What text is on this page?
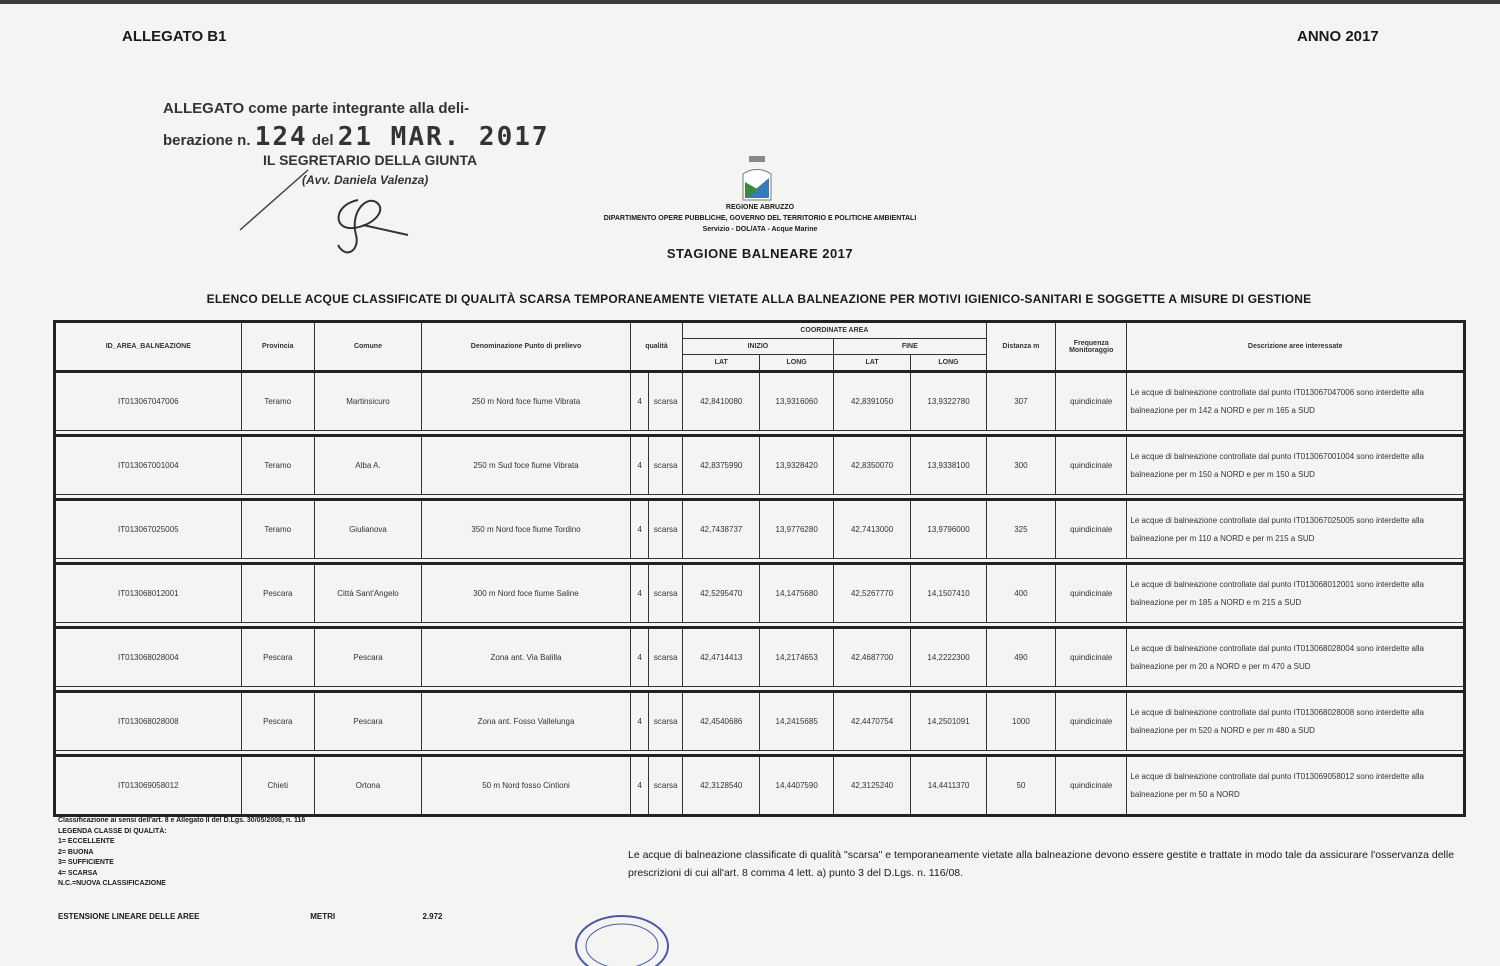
ALLEGATO B1	ANNO 2017
ALLEGATO come parte integrante alla deli-
berazione n. 124 del 21 MAR. 2017
IL SEGRETARIO DELLA GIUNTA
(Avv. Daniela Valenza)
REGIONE ABRUZZO
DIPARTIMENTO OPERE PUBBLICHE, GOVERNO DEL TERRITORIO E POLITICHE AMBIENTALI
Servizio - DOL/ATA - Acque Marine
STAGIONE BALNEARE 2017
ELENCO DELLE ACQUE CLASSIFICATE DI QUALITÀ SCARSA TEMPORANEAMENTE VIETATE ALLA BALNEAZIONE PER MOTIVI IGIENICO-SANITARI E SOGGETTE A MISURE DI GESTIONE
ID_AREA_BALNEAZIONE	Provincia	Comune	Denominazione Punto di prelievo	qualità		COORDINATE AREA				Distanza m	Frequenza Monitoraggio	Descrizione aree interessate
						INIZIO		FINE				
						LAT	LONG	LAT	LONG			
IT013067047006	Teramo	Martinsicuro	250 m Nord foce fiume Vibrata	4	scarsa	42,8410080	13,9316060	42,8391050	13,9322780	307	quindicinale	Le acque di balneazione controllate dal punto IT013067047006 sono interdette alla balneazione per m 142 a NORD e per m 165 a SUD

IT013067001004	Teramo	Alba A.	250 m Sud foce fiume Vibrata	4	scarsa	42,8375990	13,9328420	42,8350070	13,9338100	300	quindicinale	Le acque di balneazione controllate dal punto IT013067001004 sono interdette alla balneazione per m 150 a NORD e per m 150 a SUD

IT013067025005	Teramo	Giulianova	350 m Nord foce fiume Tordino	4	scarsa	42,7438737	13,9776280	42,7413000	13,9796000	325	quindicinale	Le acque di balneazione controllate dal punto IT013067025005 sono interdette alla balneazione per m 110 a NORD e per m 215 a SUD

IT013068012001	Pescara	Città Sant'Angelo	300 m Nord foce fiume Saline	4	scarsa	42,5295470	14,1475680	42,5267770	14,1507410	400	quindicinale	Le acque di balneazione controllate dal punto IT013068012001 sono interdette alla balneazione per m 185 a NORD e m 215 a SUD

IT013068028004	Pescara	Pescara	Zona ant. Via Balilla	4	scarsa	42,4714413	14,2174653	42,4687700	14,2222300	490	quindicinale	Le acque di balneazione controllate dal punto IT013068028004 sono interdette alla balneazione per m 20 a NORD e per m 470 a SUD

IT013068028008	Pescara	Pescara	Zona ant. Fosso Vallelunga	4	scarsa	42,4540686	14,2415685	42,4470754	14,2501091	1000	quindicinale	Le acque di balneazione controllate dal punto IT013068028008 sono interdette alla balneazione per m 520 a NORD e per m 480 a SUD

IT013069058012	Chieti	Ortona	50 m Nord fosso Cintioni	4	scarsa	42,3128540	14,4407590	42,3125240	14,4411370	50	quindicinale	Le acque di balneazione controllate dal punto IT013069058012 sono interdette alla balneazione per m 50 a NORD
Classificazione ai sensi dell'art. 8 e Allegato II del D.Lgs. 30/05/2008, n. 116
LEGENDA CLASSE DI QUALITÀ:
1= ECCELLENTE
2= BUONA
3= SUFFICIENTE
4= SCARSA
N.C.=NUOVA CLASSIFICAZIONE
ESTENSIONE LINEARE DELLE AREE	METRI	2.972
Le acque di balneazione classificate di qualità "scarsa" e temporaneamente vietate alla balneazione devono essere gestite e trattate in modo tale da assicurare l'osservanza delle prescrizioni di cui all'art. 8 comma 4 lett. a) punto 3 del D.Lgs. n. 116/08.
